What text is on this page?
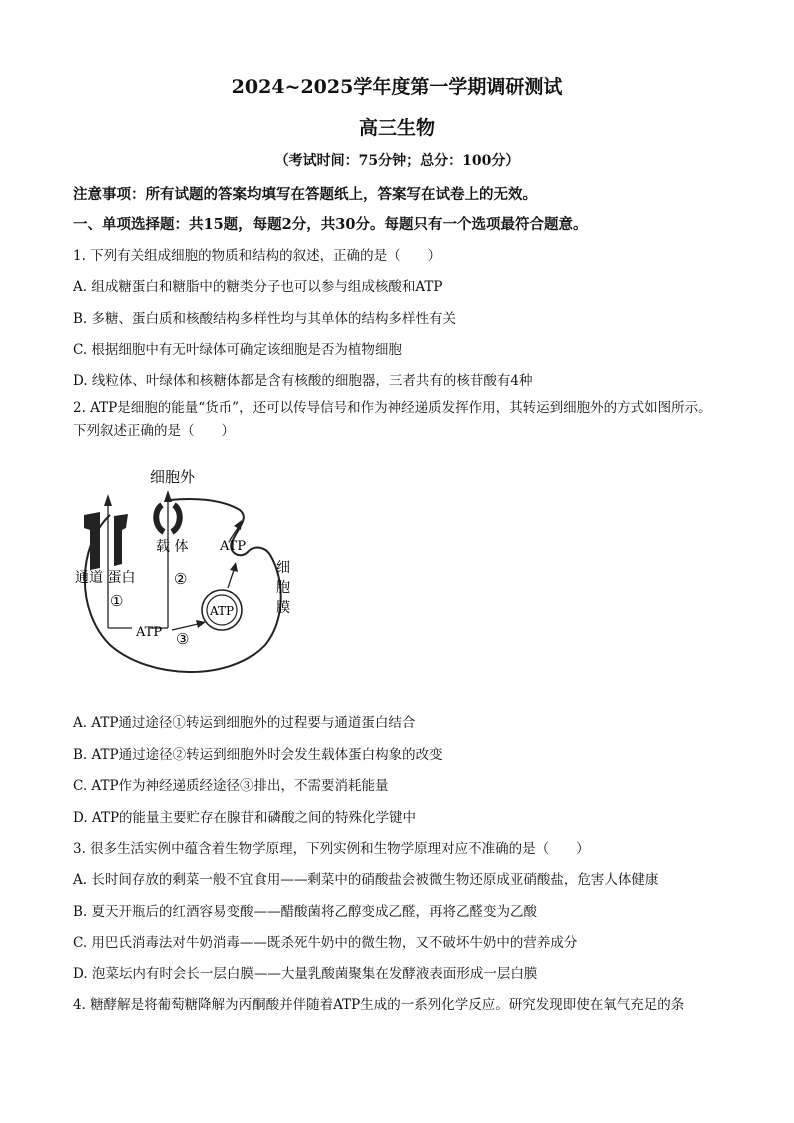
2024~2025学年度第一学期调研测试
高三生物
（考试时间：75分钟；总分：100分）
注意事项：所有试题的答案均填写在答题纸上，答案写在试卷上的无效。
一、单项选择题：共15题，每题2分，共30分。每题只有一个选项最符合题意。
1. 下列有关组成细胞的物质和结构的叙述，正确的是（　　）
A. 组成糖蛋白和糖脂中的糖类分子也可以参与组成核酸和ATP
B. 多糖、蛋白质和核酸结构多样性均与其单体的结构多样性有关
C. 根据细胞中有无叶绿体可确定该细胞是否为植物细胞
D. 线粒体、叶绿体和核糖体都是含有核酸的细胞器，三者共有的核苷酸有4种
2. ATP是细胞的能量“货币”，还可以传导信号和作为神经递质发挥作用，其转运到细胞外的方式如图所示。下列叙述正确的是（　　）
细胞外
载 体
通道 蛋白
ATP
ATP
ATP
①
②
③
细
胞
膜
A. ATP通过途径①转运到细胞外的过程要与通道蛋白结合
B. ATP通过途径②转运到细胞外时会发生载体蛋白构象的改变
C. ATP作为神经递质经途径③排出，不需要消耗能量
D. ATP的能量主要贮存在腺苷和磷酸之间的特殊化学键中
3. 很多生活实例中蕴含着生物学原理，下列实例和生物学原理对应不准确的是（　　）
A. 长时间存放的剩菜一般不宜食用——剩菜中的硝酸盐会被微生物还原成亚硝酸盐，危害人体健康
B. 夏天开瓶后的红酒容易变酸——醋酸菌将乙醇变成乙醛，再将乙醛变为乙酸
C. 用巴氏消毒法对牛奶消毒——既杀死牛奶中的微生物，又不破坏牛奶中的营养成分
D. 泡菜坛内有时会长一层白膜——大量乳酸菌聚集在发酵液表面形成一层白膜
4. 糖酵解是将葡萄糖降解为丙酮酸并伴随着ATP生成的一系列化学反应。研究发现即使在氧气充足的条
